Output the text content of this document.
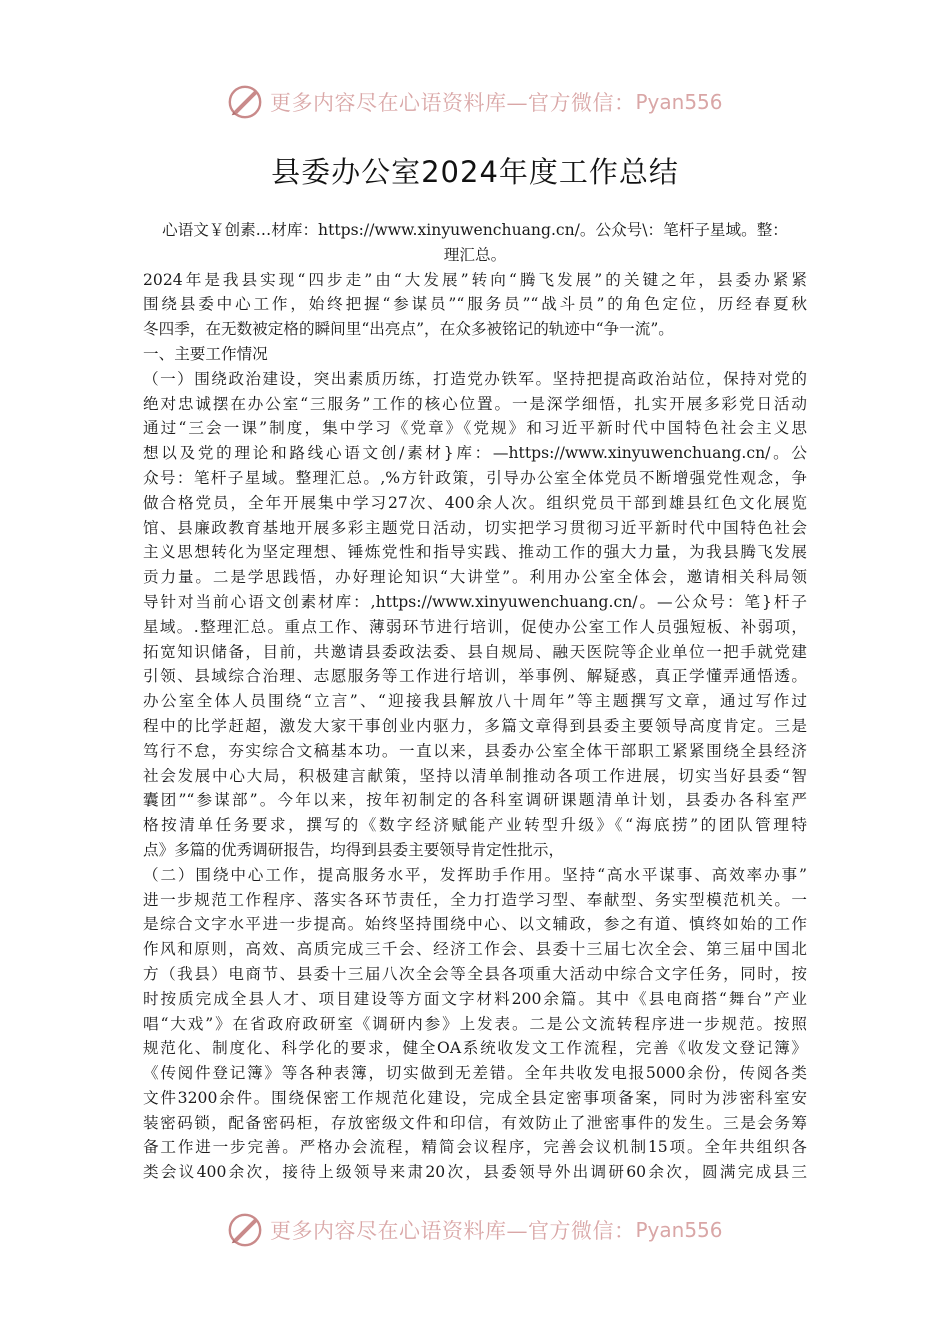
更多内容尽在心语资料库—官方微信： Pyan556
县委办公室2024年度工作总结
心语文￥创素…材库：https://www.xinyuwenchuang.cn/。公众号\：笔杆子星域。整：
理汇总。
2024年是我县实现“四步走”由“大发展”转向“腾飞发展”的关键之年，县委办紧紧
围绕县委中心工作，始终把握“参谋员”“服务员”“战斗员”的角色定位，历经春夏秋
冬四季，在无数被定格的瞬间里“出亮点”，在众多被铭记的轨迹中“争一流”。
一、主要工作情况
（一）围绕政治建设，突出素质历练，打造党办铁军。坚持把提高政治站位，保持对党的
绝对忠诚摆在办公室“三服务”工作的核心位置。一是深学细悟，扎实开展多彩党日活动
通过“三会一课”制度，集中学习《党章》《党规》和习近平新时代中国特色社会主义思
想以及党的理论和路线心语文创/素材}库：—https://www.xinyuwenchuang.cn/。公
众号：笔杆子星域。整理汇总。,%方针政策，引导办公室全体党员不断增强党性观念，争
做合格党员，全年开展集中学习27次、400余人次。组织党员干部到雄县红色文化展览
馆、县廉政教育基地开展多彩主题党日活动，切实把学习贯彻习近平新时代中国特色社会
主义思想转化为坚定理想、锤炼党性和指导实践、推动工作的强大力量，为我县腾飞发展
贡力量。二是学思践悟，办好理论知识“大讲堂”。利用办公室全体会，邀请相关科局领
导针对当前心语文创素材库：,https://www.xinyuwenchuang.cn/。—公众号：笔}杆子
星域。.整理汇总。重点工作、薄弱环节进行培训，促使办公室工作人员强短板、补弱项，
拓宽知识储备，目前，共邀请县委政法委、县自规局、融天医院等企业单位一把手就党建
引领、县域综合治理、志愿服务等工作进行培训，举事例、解疑惑，真正学懂弄通悟透。
办公室全体人员围绕“立言”、“迎接我县解放八十周年”等主题撰写文章，通过写作过
程中的比学赶超，激发大家干事创业内驱力，多篇文章得到县委主要领导高度肯定。三是
笃行不怠，夯实综合文稿基本功。一直以来，县委办公室全体干部职工紧紧围绕全县经济
社会发展中心大局，积极建言献策，坚持以清单制推动各项工作进展，切实当好县委“智
囊团”“参谋部”。今年以来，按年初制定的各科室调研课题清单计划，县委办各科室严
格按清单任务要求，撰写的《数字经济赋能产业转型升级》《“海底捞”的团队管理特
点》多篇的优秀调研报告，均得到县委主要领导肯定性批示，
（二）围绕中心工作，提高服务水平，发挥助手作用。坚持“高水平谋事、高效率办事”
进一步规范工作程序、落实各环节责任，全力打造学习型、奉献型、务实型模范机关。一
是综合文字水平进一步提高。始终坚持围绕中心、以文辅政，参之有道、慎终如始的工作
作风和原则，高效、高质完成三千会、经济工作会、县委十三届七次全会、第三届中国北
方（我县）电商节、县委十三届八次全会等全县各项重大活动中综合文字任务，同时，按
时按质完成全县人才、项目建设等方面文字材料200余篇。其中《县电商搭“舞台”产业
唱“大戏”》在省政府政研室《调研内参》上发表。二是公文流转程序进一步规范。按照
规范化、制度化、科学化的要求，健全OA系统收发文工作流程，完善《收发文登记簿》
《传阅件登记簿》等各种表簿，切实做到无差错。全年共收发电报5000余份，传阅各类
文件3200余件。围绕保密工作规范化建设，完成全县定密事项备案，同时为涉密科室安
装密码锁，配备密码柜，存放密级文件和印信，有效防止了泄密事件的发生。三是会务筹
备工作进一步完善。严格办会流程，精简会议程序，完善会议机制15项。全年共组织各
类会议400余次，接待上级领导来肃20次，县委领导外出调研60余次，圆满完成县三
更多内容尽在心语资料库—官方微信： Pyan556
